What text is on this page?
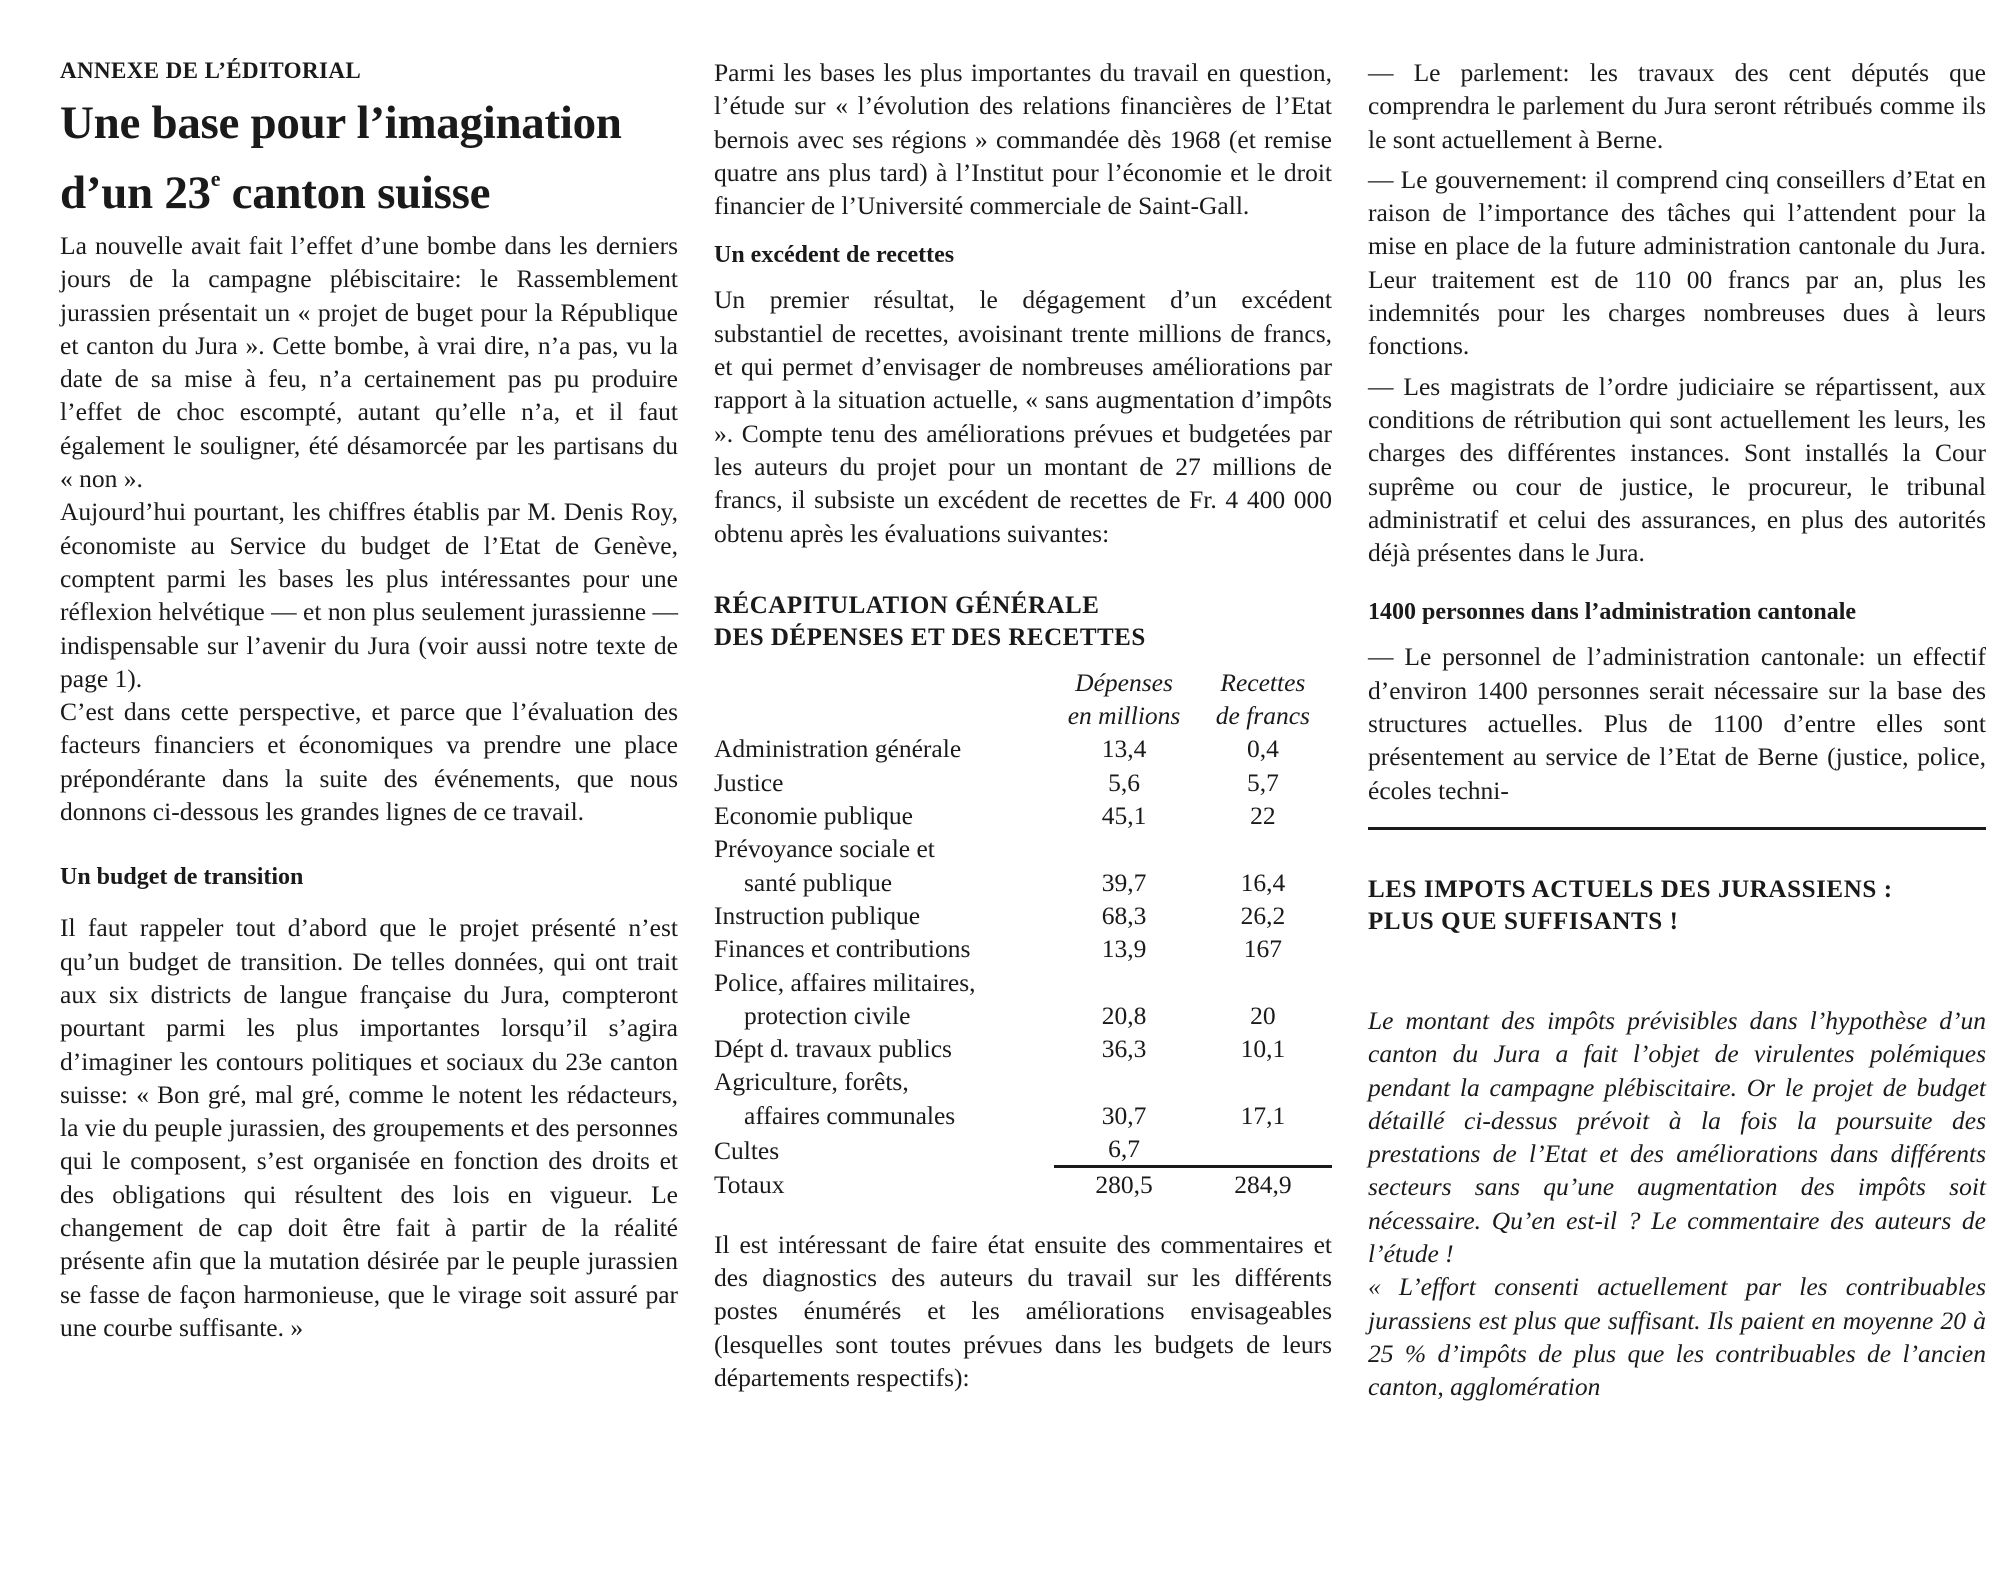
ANNEXE DE L’ÉDITORIAL
Une base pour l’imagination
d’un 23e canton suisse

La nouvelle avait fait l’effet d’une bombe dans les derniers jours de la campagne plébiscitaire: le Rassemblement jurassien présentait un « projet de buget pour la République et canton du Jura ». Cette bombe, à vrai dire, n’a pas, vu la date de sa mise à feu, n’a certainement pas pu produire l’effet de choc escompté, autant qu’elle n’a, et il faut également le souligner, été désamorcée par les partisans du « non ».

Aujourd’hui pourtant, les chiffres établis par M. Denis Roy, économiste au Service du budget de l’Etat de Genève, comptent parmi les bases les plus intéressantes pour une réflexion helvétique — et non plus seulement jurassienne — indispensable sur l’avenir du Jura (voir aussi notre texte de page 1).

C’est dans cette perspective, et parce que l’évaluation des facteurs financiers et économiques va prendre une place prépondérante dans la suite des événements, que nous donnons ci-dessous les grandes lignes de ce travail.

Un budget de transition

Il faut rappeler tout d’abord que le projet présenté n’est qu’un budget de transition. De telles données, qui ont trait aux six districts de langue française du Jura, compteront pourtant parmi les plus importantes lorsqu’il s’agira d’imaginer les contours politiques et sociaux du 23e canton suisse: « Bon gré, mal gré, comme le notent les rédacteurs, la vie du peuple jurassien, des groupements et des personnes qui le composent, s’est organisée en fonction des droits et des obligations qui résultent des lois en vigueur. Le changement de cap doit être fait à partir de la réalité présente afin que la mutation désirée par le peuple jurassien se fasse de façon harmonieuse, que le virage soit assuré par une courbe suffisante. »

Parmi les bases les plus importantes du travail en question, l’étude sur « l’évolution des relations financières de l’Etat bernois avec ses régions » commandée dès 1968 (et remise quatre ans plus tard) à l’Institut pour l’économie et le droit financier de l’Université commerciale de Saint-Gall.

Un excédent de recettes

Un premier résultat, le dégagement d’un excédent substantiel de recettes, avoisinant trente millions de francs, et qui permet d’envisager de nombreuses améliorations par rapport à la situation actuelle, « sans augmentation d’impôts ». Compte tenu des améliorations prévues et budgetées par les auteurs du projet pour un montant de 27 millions de francs, il subsiste un excédent de recettes de Fr. 4 400 000 obtenu après les évaluations suivantes:

RÉCAPITULATION GÉNÉRALE
DES DÉPENSES ET DES RECETTES
	Dépenses	Recettes
	en millions	de francs
Administration générale	13,4	0,4
Justice	5,6	5,7
Economie publique	45,1	22
Prévoyance sociale et		
santé publique	39,7	16,4
Instruction publique	68,3	26,2
Finances et contributions	13,9	167
Police, affaires militaires,		
protection civile	20,8	20
Dépt d. travaux publics	36,3	10,1
Agriculture, forêts,		
affaires communales	30,7	17,1
Cultes	6,7	
Totaux	280,5	284,9

Il est intéressant de faire état ensuite des commentaires et des diagnostics des auteurs du travail sur les différents postes énumérés et les améliorations envisageables (lesquelles sont toutes prévues dans les budgets de leurs départements respectifs):

— Le parlement: les travaux des cent députés que comprendra le parlement du Jura seront rétribués comme ils le sont actuellement à Berne.

— Le gouvernement: il comprend cinq conseillers d’Etat en raison de l’importance des tâches qui l’attendent pour la mise en place de la future administration cantonale du Jura. Leur traitement est de 110 00 francs par an, plus les indemnités pour les charges nombreuses dues à leurs fonctions.

— Les magistrats de l’ordre judiciaire se répartissent, aux conditions de rétribution qui sont actuellement les leurs, les charges des différentes instances. Sont installés la Cour suprême ou cour de justice, le procureur, le tribunal administratif et celui des assurances, en plus des autorités déjà présentes dans le Jura.

1400 personnes dans l’administration cantonale

— Le personnel de l’administration cantonale: un effectif d’environ 1400 personnes serait nécessaire sur la base des structures actuelles. Plus de 1100 d’entre elles sont présentement au service de l’Etat de Berne (justice, police, écoles techni-

LES IMPOTS ACTUELS DES JURASSIENS :
PLUS QUE SUFFISANTS !

Le montant des impôts prévisibles dans l’hypothèse d’un canton du Jura a fait l’objet de virulentes polémiques pendant la campagne plébiscitaire. Or le projet de budget détaillé ci-dessus prévoit à la fois la poursuite des prestations de l’Etat et des améliorations dans différents secteurs sans qu’une augmentation des impôts soit nécessaire. Qu’en est-il ? Le commentaire des auteurs de l’étude !

« L’effort consenti actuellement par les contribuables jurassiens est plus que suffisant. Ils paient en moyenne 20 à 25 % d’impôts de plus que les contribuables de l’ancien canton, agglomération
